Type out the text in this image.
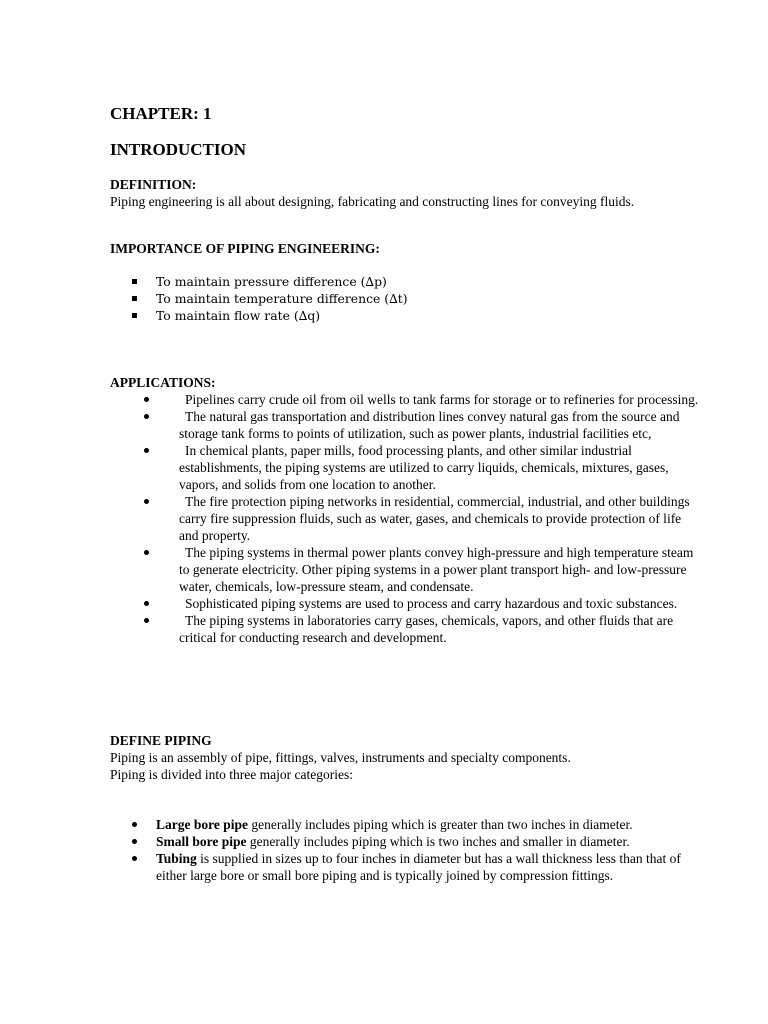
CHAPTER: 1
INTRODUCTION
DEFINITION:
Piping engineering is all about designing, fabricating and constructing lines for conveying fluids.
IMPORTANCE OF PIPING ENGINEERING:
To maintain pressure difference (∆p)
To maintain temperature difference (∆t)
To maintain flow rate (∆q)
APPLICATIONS:
Pipelines carry crude oil from oil wells to tank farms for storage or to refineries for processing.
The natural gas transportation and distribution lines convey natural gas from the source and storage tank forms to points of utilization, such as power plants, industrial facilities etc,
In chemical plants, paper mills, food processing plants, and other similar industrial establishments, the piping systems are utilized to carry liquids, chemicals, mixtures, gases, vapors, and solids from one location to another.
The fire protection piping networks in residential, commercial, industrial, and other buildings carry fire suppression fluids, such as water, gases, and chemicals to provide protection of life and property.
The piping systems in thermal power plants convey high-pressure and high temperature steam to generate electricity. Other piping systems in a power plant transport high- and low-pressure water, chemicals, low-pressure steam, and condensate.
Sophisticated piping systems are used to process and carry hazardous and toxic substances.
The piping systems in laboratories carry gases, chemicals, vapors, and other fluids that are critical for conducting research and development.
DEFINE PIPING
Piping is an assembly of pipe, fittings, valves, instruments and specialty components.
Piping is divided into three major categories:
Large bore pipe generally includes piping which is greater than two inches in diameter.
Small bore pipe generally includes piping which is two inches and smaller in diameter.
Tubing is supplied in sizes up to four inches in diameter but has a wall thickness less than that of either large bore or small bore piping and is typically joined by compression fittings.
